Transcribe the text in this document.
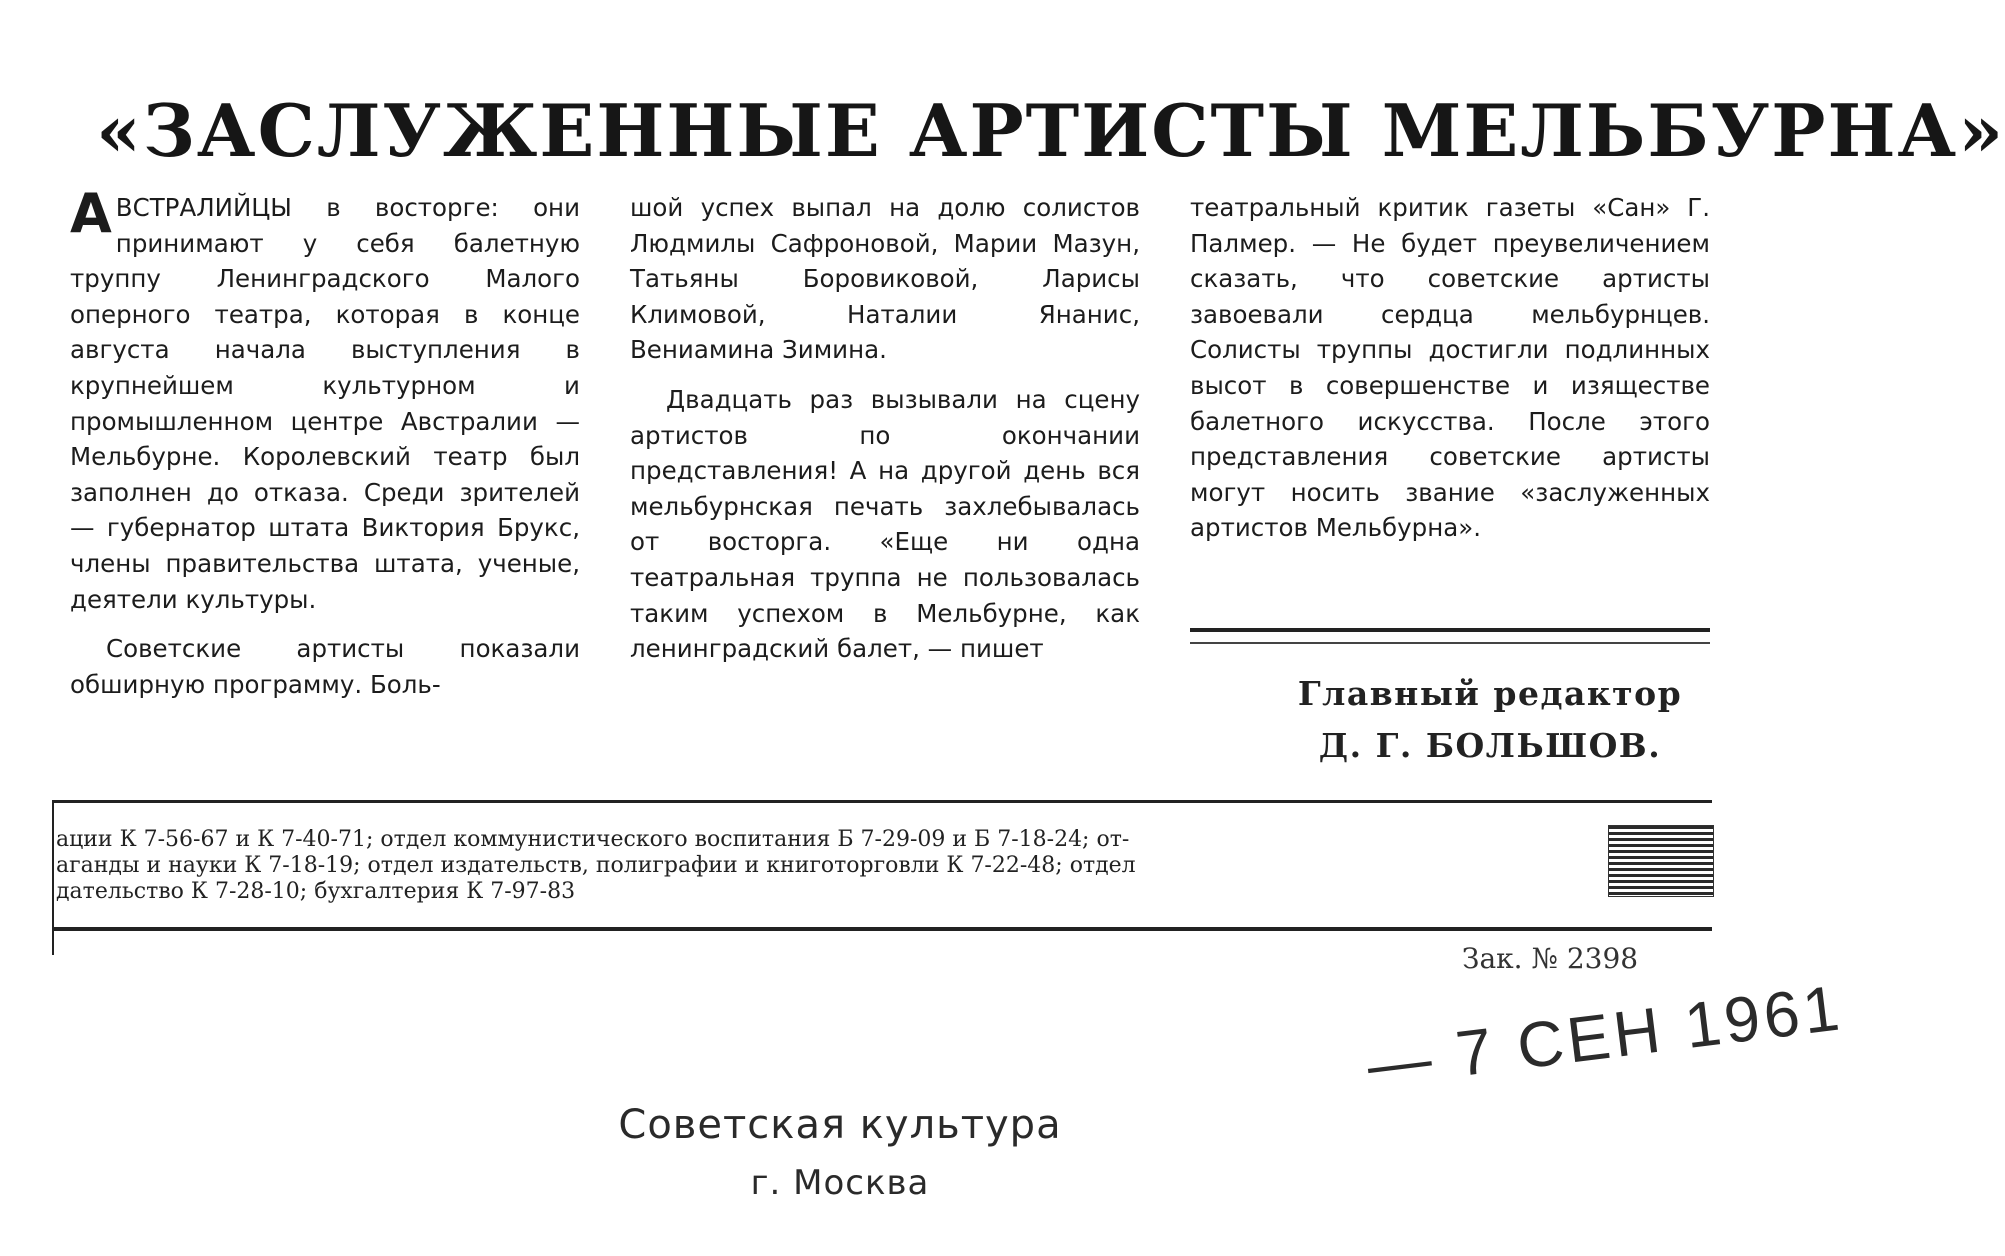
«ЗАСЛУЖЕННЫЕ АРТИСТЫ МЕЛЬБУРНА»

АВСТРАЛИЙЦЫ в восторге: они принимают у себя балетную труппу Ленинградского Малого оперного театра, которая в конце августа начала выступления в крупнейшем культурном и промышленном центре Австралии — Мельбурне. Королевский театр был заполнен до отказа. Среди зрителей — губернатор штата Виктория Брукс, члены правительства штата, ученые, деятели культуры.

Советские артисты показали обширную программу. Боль-

шой успех выпал на долю солистов Людмилы Сафроновой, Марии Мазун, Татьяны Боровиковой, Ларисы Климовой, Наталии Янанис, Вениамина Зимина.

Двадцать раз вызывали на сцену артистов по окончании представления! А на другой день вся мельбурнская печать захлебывалась от восторга. «Еще ни одна театральная труппа не пользовалась таким успехом в Мельбурне, как ленинградский балет, — пишет

театральный критик газеты «Сан» Г. Палмер. — Не будет преувеличением сказать, что советские артисты завоевали сердца мельбурнцев. Солисты труппы достигли подлинных высот в совершенстве и изяществе балетного искусства. После этого представления советские артисты могут носить звание «заслуженных артистов Мельбурна».

Главный редактор
Д. Г. БОЛЬШОВ.
ации К 7-56-67 и К 7-40-71; отдел коммунистического воспитания Б 7-29-09 и Б 7-18-24; от-
аганды и науки К 7-18-19; отдел издательств, полиграфии и книготорговли К 7-22-48; отдел
дательство К 7-28-10; бухгалтерия К 7-97-83
Зак. № 2398
— 7 СЕН 1961
Советская культура
г. Москва
